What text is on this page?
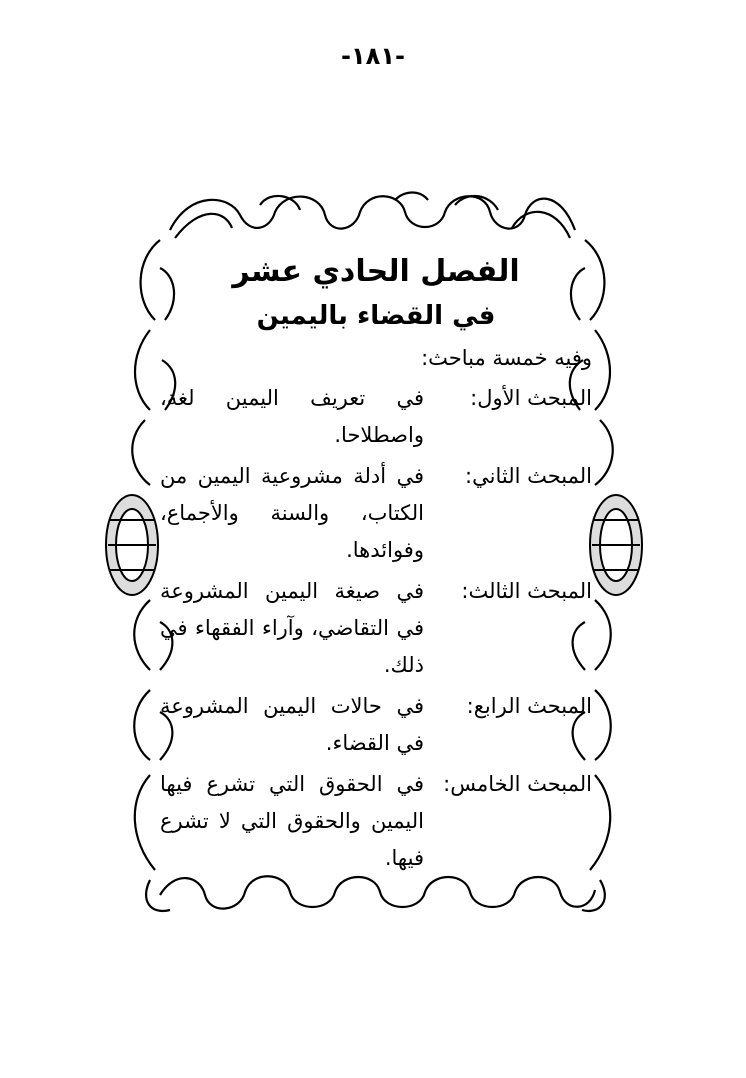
-١٨١-
الفصل الحادي عشر
في القضاء باليمين
وفيه خمسة مباحث:
المبحث الأول:
في تعريف اليمين لغة، واصطلاحا.
المبحث الثاني:
في أدلة مشروعية اليمين من الكتاب، والسنة والأجماع، وفوائدها.
المبحث الثالث:
في صيغة اليمين المشروعة في التقاضي، وآراء الفقهاء في ذلك.
المبحث الرابع:
في حالات اليمين المشروعة في القضاء.
المبحث الخامس:
في الحقوق التي تشرع فيها اليمين والحقوق التي لا تشرع فيها.
